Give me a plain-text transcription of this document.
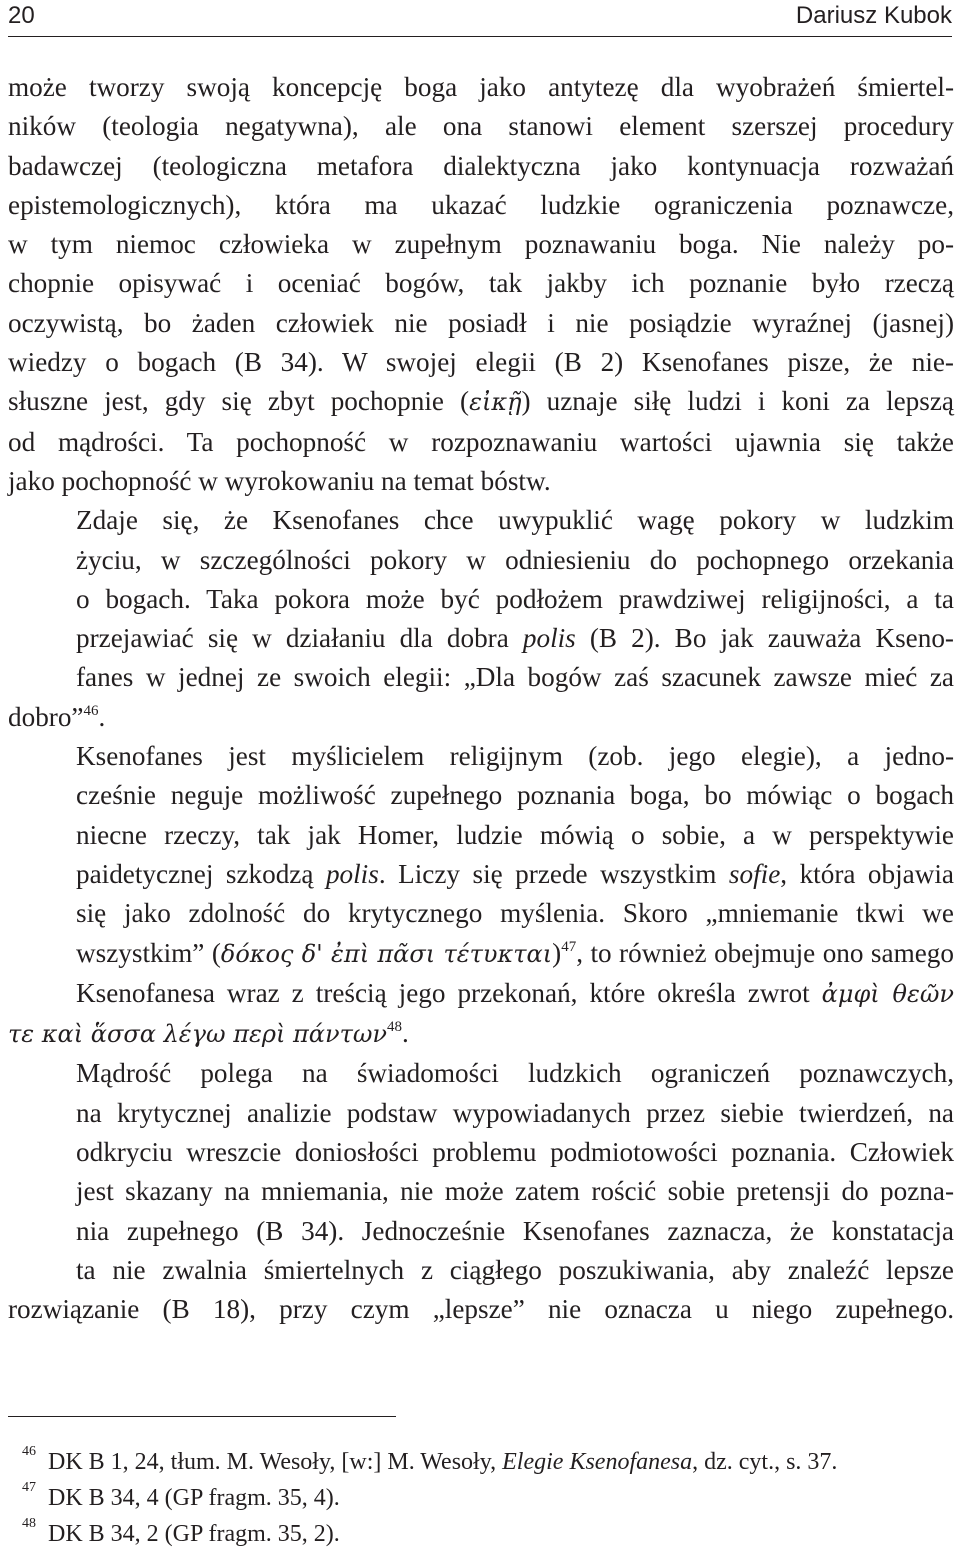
20	Dariusz Kubok

może tworzy swoją koncepcję boga jako antytezę dla wyobrażeń śmiertel-
ników (teologia negatywna), ale ona stanowi element szerszej procedury
badawczej (teologiczna metafora dialektyczna jako kontynuacja rozważań
epistemologicznych), która ma ukazać ludzkie ograniczenia poznawcze,
w tym niemoc człowieka w zupełnym poznawaniu boga. Nie należy po-
chopnie opisywać i oceniać bogów, tak jakby ich poznanie było rzeczą
oczywistą, bo żaden człowiek nie posiadł i nie posiądzie wyraźnej (jasnej)
wiedzy o bogach (B 34). W swojej elegii (B 2) Ksenofanes pisze, że nie-
słuszne jest, gdy się zbyt pochopnie (εἰκῇ) uznaje siłę ludzi i koni za lepszą
od mądrości. Ta pochopność w rozpoznawaniu wartości ujawnia się także

jako pochopność w wyrokowaniu na temat bóstw.

Zdaje się, że Ksenofanes chce uwypuklić wagę pokory w ludzkim
życiu, w szczególności pokory w odniesieniu do pochopnego orzekania
o bogach. Taka pokora może być podłożem prawdziwej religijności, a ta
przejawiać się w działaniu dla dobra polis (B 2). Bo jak zauważa Kseno-
fanes w jednej ze swoich elegii: „Dla bogów zaś szacunek zawsze mieć za

dobro”$^{46}$.

Ksenofanes jest myślicielem religijnym (zob. jego elegie), a jedno-
cześnie neguje możliwość zupełnego poznania boga, bo mówiąc o bogach
niecne rzeczy, tak jak Homer, ludzie mówią o sobie, a w perspektywie
paidetycznej szkodzą polis. Liczy się przede wszystkim sofie, która objawia
się jako zdolność do krytycznego myślenia. Skoro „mniemanie tkwi we
wszystkim” (δόκος δ' ἐπὶ πᾶσι τέτυκται)$^{47}$, to również obejmuje ono samego
Ksenofanesa wraz z treścią jego przekonań, które określa zwrot ἀμφὶ θεῶν

τε καὶ ἅσσα λέγω περὶ πάντων$^{48}$.

Mądrość polega na świadomości ludzkich ograniczeń poznawczych,
na krytycznej analizie podstaw wypowiadanych przez siebie twierdzeń, na
odkryciu wreszcie doniosłości problemu podmiotowości poznania. Człowiek
jest skazany na mniemania, nie może zatem rościć sobie pretensji do pozna-
nia zupełnego (B 34). Jednocześnie Ksenofanes zaznacza, że konstatacja
ta nie zwalnia śmiertelnych z ciągłego poszukiwania, aby znaleźć lepsze

rozwiązanie (B 18), przy czym „lepsze” nie oznacza u niego zupełnego.

46 DK B 1, 24, tłum. M. Wesoły, [w:] M. Wesoły, Elegie Ksenofanesa, dz. cyt., s. 37.
47 DK B 34, 4 (GP fragm. 35, 4).
48 DK B 34, 2 (GP fragm. 35, 2).
